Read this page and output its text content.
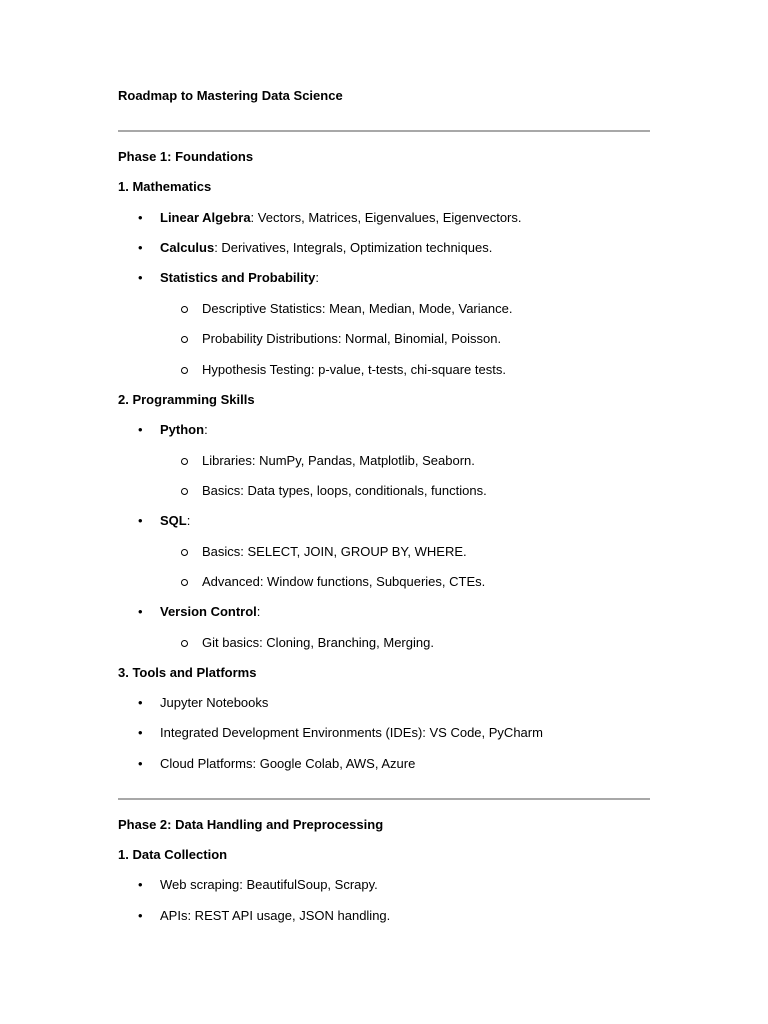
Roadmap to Mastering Data Science
Phase 1: Foundations
1. Mathematics
• Linear Algebra: Vectors, Matrices, Eigenvalues, Eigenvectors.
• Calculus: Derivatives, Integrals, Optimization techniques.
• Statistics and Probability:
Descriptive Statistics: Mean, Median, Mode, Variance.
Probability Distributions: Normal, Binomial, Poisson.
Hypothesis Testing: p-value, t-tests, chi-square tests.
2. Programming Skills
• Python:
Libraries: NumPy, Pandas, Matplotlib, Seaborn.
Basics: Data types, loops, conditionals, functions.
• SQL:
Basics: SELECT, JOIN, GROUP BY, WHERE.
Advanced: Window functions, Subqueries, CTEs.
• Version Control:
Git basics: Cloning, Branching, Merging.
3. Tools and Platforms
• Jupyter Notebooks
• Integrated Development Environments (IDEs): VS Code, PyCharm
• Cloud Platforms: Google Colab, AWS, Azure
Phase 2: Data Handling and Preprocessing
1. Data Collection
• Web scraping: BeautifulSoup, Scrapy.
• APIs: REST API usage, JSON handling.
